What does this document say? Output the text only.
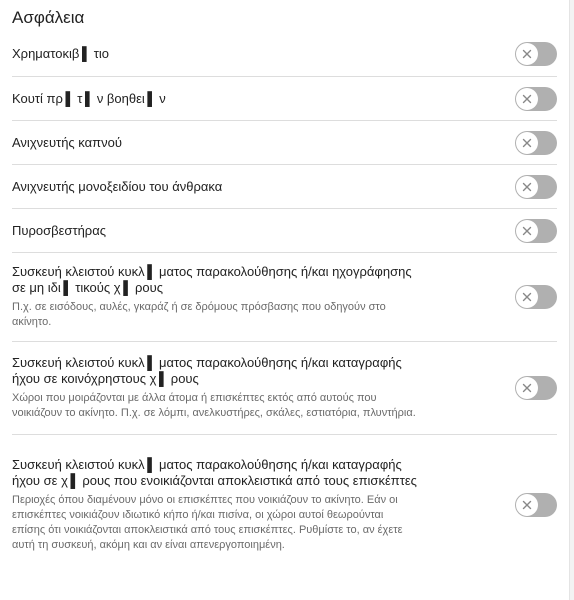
Ασφάλεια
Χρηματοκιβ ▌ τιο
Κουτί πρ ▌ τ ▌ ν βοηθει ▌ ν
Ανιχνευτής καπνού
Ανιχνευτής μονοξειδίου του άνθρακα
Πυροσβεστήρας
Συσκευή κλειστού κυκλ ▌ ματος παρακολούθησης ή/και ηχογράφησης σε μη ιδι ▌ τικούς χ ▌ ρους
Π.χ. σε εισόδους, αυλές, γκαράζ ή σε δρόμους πρόσβασης που οδηγούν στο ακίνητο.
Συσκευή κλειστού κυκλ ▌ ματος παρακολούθησης ή/και καταγραφής ήχου σε κοινόχρηστους χ ▌ ρους
Χώροι που μοιράζονται με άλλα άτομα ή επισκέπτες εκτός από αυτούς που νοικιάζουν το ακίνητο. Π.χ. σε λόμπι, ανελκυστήρες, σκάλες, εστιατόρια, πλυντήρια.
Συσκευή κλειστού κυκλ ▌ ματος παρακολούθησης ή/και καταγραφής ήχου σε χ ▌ ρους που ενοικιάζονται αποκλειστικά από τους επισκέπτες
Περιοχές όπου διαμένουν μόνο οι επισκέπτες που νοικιάζουν το ακίνητο. Εάν οι επισκέπτες νοικιάζουν ιδιωτικό κήπο ή/και πισίνα, οι χώροι αυτοί θεωρούνται επίσης ότι νοικιάζονται αποκλειστικά από τους επισκέπτες. Ρυθμίστε το, αν έχετε αυτή τη συσκευή, ακόμη και αν είναι απενεργοποιημένη.
